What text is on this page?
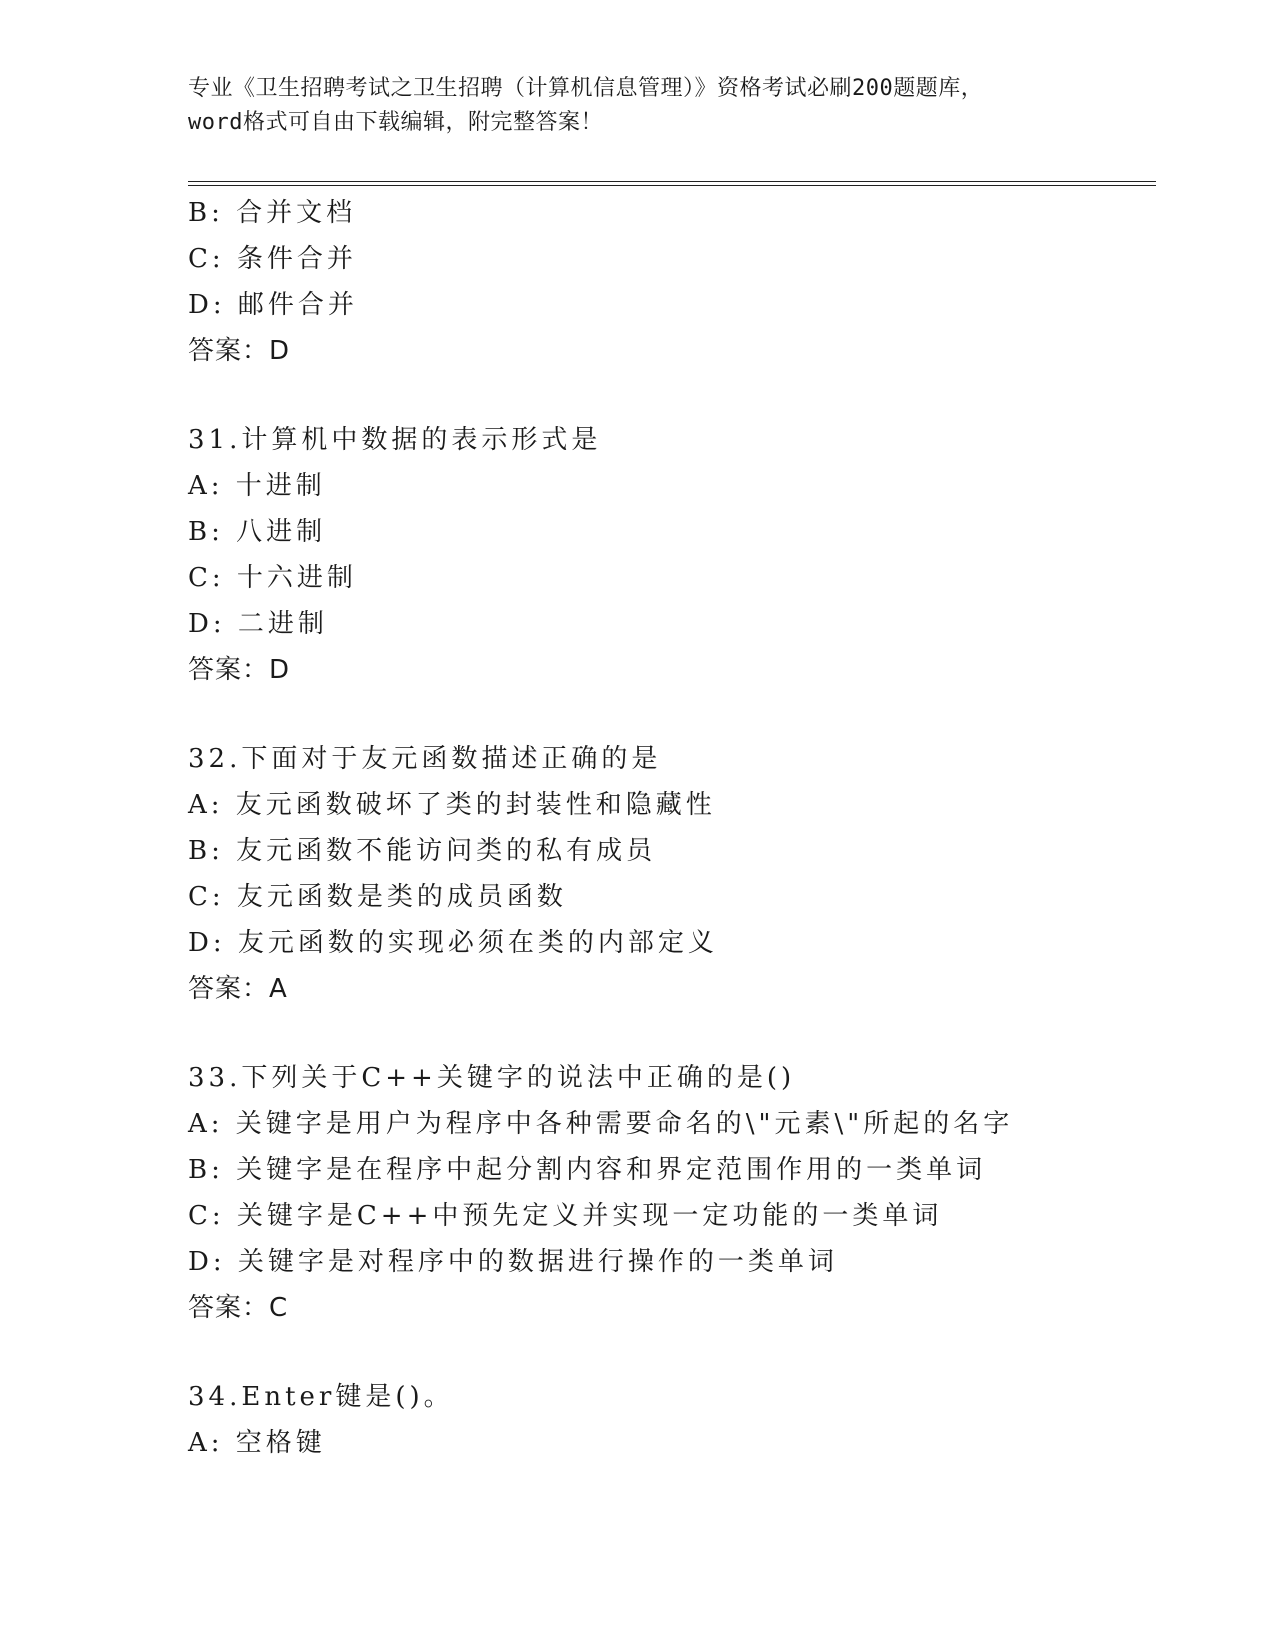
专业《卫生招聘考试之卫生招聘（计算机信息管理）》资格考试必刷200题题库，
word格式可自由下载编辑，附完整答案！
B: 合并文档
C: 条件合并
D: 邮件合并
答案：D
31.计算机中数据的表示形式是
A: 十进制
B: 八进制
C: 十六进制
D: 二进制
答案：D
32.下面对于友元函数描述正确的是
A: 友元函数破坏了类的封装性和隐藏性
B: 友元函数不能访问类的私有成员
C: 友元函数是类的成员函数
D: 友元函数的实现必须在类的内部定义
答案：A
33.下列关于C++关键字的说法中正确的是()
A: 关键字是用户为程序中各种需要命名的\"元素\"所起的名字
B: 关键字是在程序中起分割内容和界定范围作用的一类单词
C: 关键字是C++中预先定义并实现一定功能的一类单词
D: 关键字是对程序中的数据进行操作的一类单词
答案：C
34.Enter键是()。
A: 空格键
